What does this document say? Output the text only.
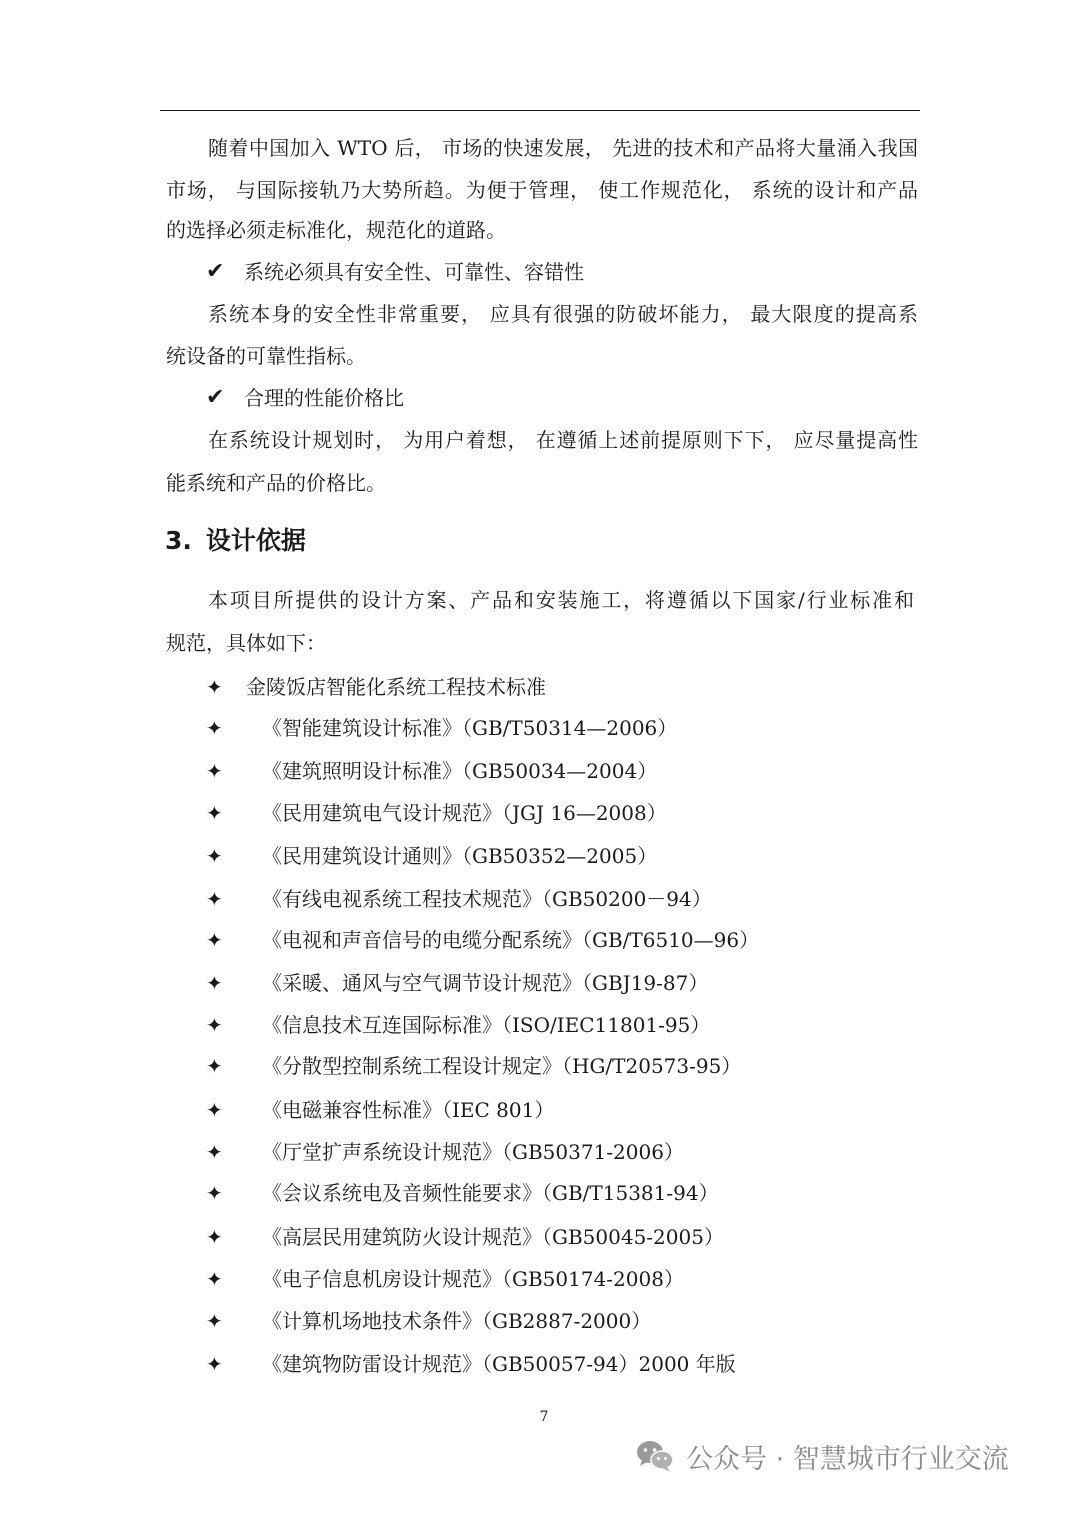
随着中国加入 WTO 后， 市场的快速发展， 先进的技术和产品将大量涌入我国
市场， 与国际接轨乃大势所趋。为便于管理， 使工作规范化， 系统的设计和产品
的选择必须走标准化，规范化的道路。
✔ 系统必须具有安全性、可靠性、容错性
系统本身的安全性非常重要， 应具有很强的防破坏能力， 最大限度的提高系
统设备的可靠性指标。
✔ 合理的性能价格比
在系统设计规划时， 为用户着想， 在遵循上述前提原则下下， 应尽量提高性
能系统和产品的价格比。
3. 设计依据
本项目所提供的设计方案、产品和安装施工，将遵循以下国家/行业标准和
规范，具体如下：
✦ 金陵饭店智能化系统工程技术标准
✦ 《智能建筑设计标准》（GB/T50314—2006）
✦ 《建筑照明设计标准》（GB50034—2004）
✦ 《民用建筑电气设计规范》（JGJ 16—2008）
✦ 《民用建筑设计通则》（GB50352—2005）
✦ 《有线电视系统工程技术规范》（GB50200－94）
✦ 《电视和声音信号的电缆分配系统》（GB/T6510—96）
✦ 《采暖、通风与空气调节设计规范》（GBJ19-87）
✦ 《信息技术互连国际标准》（ISO/IEC11801-95）
✦ 《分散型控制系统工程设计规定》（HG/T20573-95）
✦ 《电磁兼容性标准》（IEC 801）
✦ 《厅堂扩声系统设计规范》（GB50371-2006）
✦ 《会议系统电及音频性能要求》（GB/T15381-94）
✦ 《高层民用建筑防火设计规范》（GB50045-2005）
✦ 《电子信息机房设计规范》（GB50174-2008）
✦ 《计算机场地技术条件》（GB2887-2000）
✦ 《建筑物防雷设计规范》（GB50057-94）2000 年版
7
公众号 · 智慧城市行业交流
